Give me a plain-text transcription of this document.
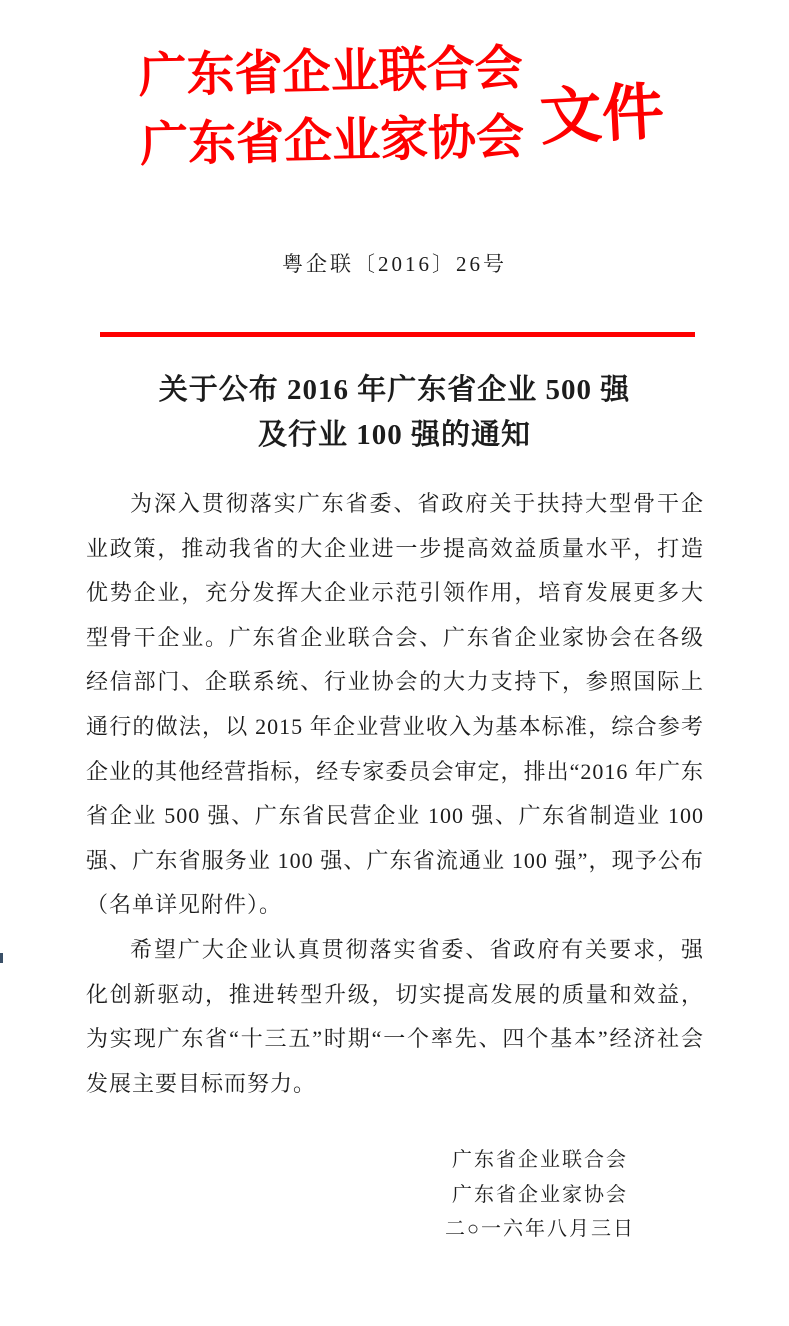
广东省企业联合会
广东省企业家协会 文件
粤企联〔2016〕26号
关于公布 2016 年广东省企业 500 强
及行业 100 强的通知

为深入贯彻落实广东省委、省政府关于扶持大型骨干企业政策，推动我省的大企业进一步提高效益质量水平，打造优势企业，充分发挥大企业示范引领作用，培育发展更多大型骨干企业。广东省企业联合会、广东省企业家协会在各级经信部门、企联系统、行业协会的大力支持下，参照国际上通行的做法，以 2015 年企业营业收入为基本标准，综合参考企业的其他经营指标，经专家委员会审定，排出“2016 年广东省企业 500 强、广东省民营企业 100 强、广东省制造业 100 强、广东省服务业 100 强、广东省流通业 100 强”，现予公布（名单详见附件）。

希望广大企业认真贯彻落实省委、省政府有关要求，强化创新驱动，推进转型升级，切实提高发展的质量和效益，为实现广东省“十三五”时期“一个率先、四个基本”经济社会发展主要目标而努力。

广东省企业联合会
广东省企业家协会
二○一六年八月三日
